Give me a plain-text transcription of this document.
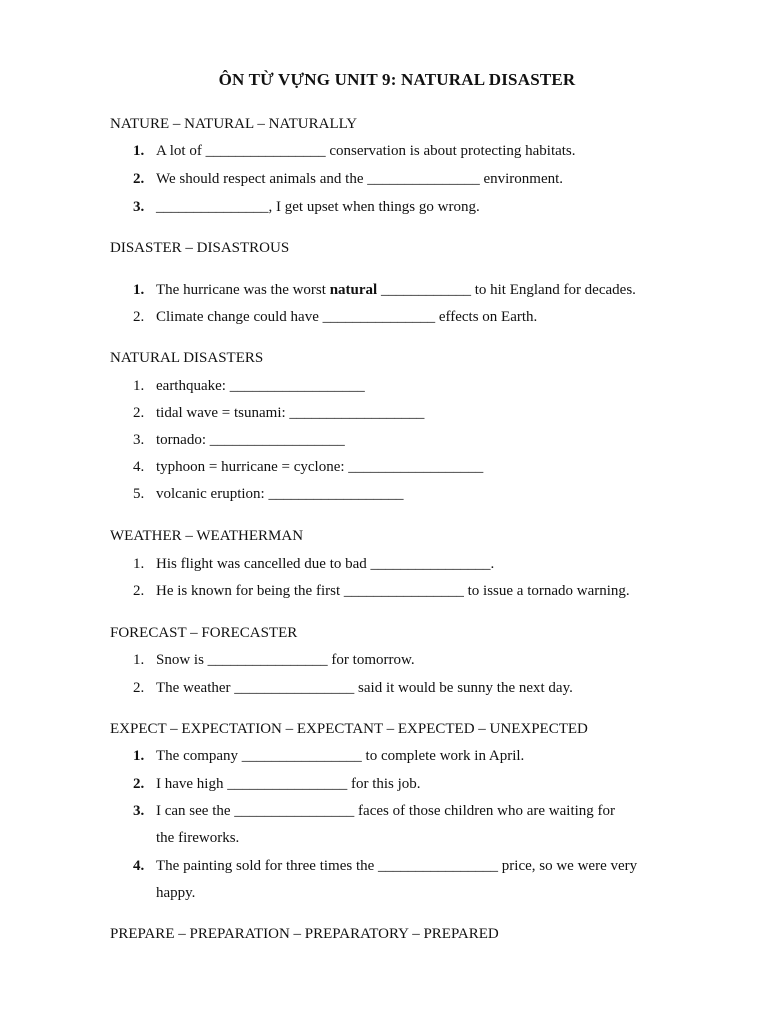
ÔN TỪ VỰNG UNIT 9: NATURAL DISASTER
NATURE – NATURAL – NATURALLY
1. A lot of ________________ conservation is about protecting habitats.
2. We should respect animals and the _______________ environment.
3. _______________, I get upset when things go wrong.
DISASTER – DISASTROUS
1. The hurricane was the worst natural ____________ to hit England for decades.
2. Climate change could have _______________ effects on Earth.
NATURAL DISASTERS
1. earthquake: __________________
2. tidal wave = tsunami: __________________
3. tornado: __________________
4. typhoon = hurricane = cyclone: __________________
5. volcanic eruption: __________________
WEATHER – WEATHERMAN
1. His flight was cancelled due to bad ________________.
2. He is known for being the first ________________ to issue a tornado warning.
FORECAST – FORECASTER
1. Snow is ________________ for tomorrow.
2. The weather ________________ said it would be sunny the next day.
EXPECT – EXPECTATION – EXPECTANT – EXPECTED – UNEXPECTED
1. The company ________________ to complete work in April.
2. I have high ________________ for this job.
3. I can see the ________________ faces of those children who are waiting for
the fireworks.
4. The painting sold for three times the ________________ price, so we were very
happy.
PREPARE – PREPARATION – PREPARATORY – PREPARED
